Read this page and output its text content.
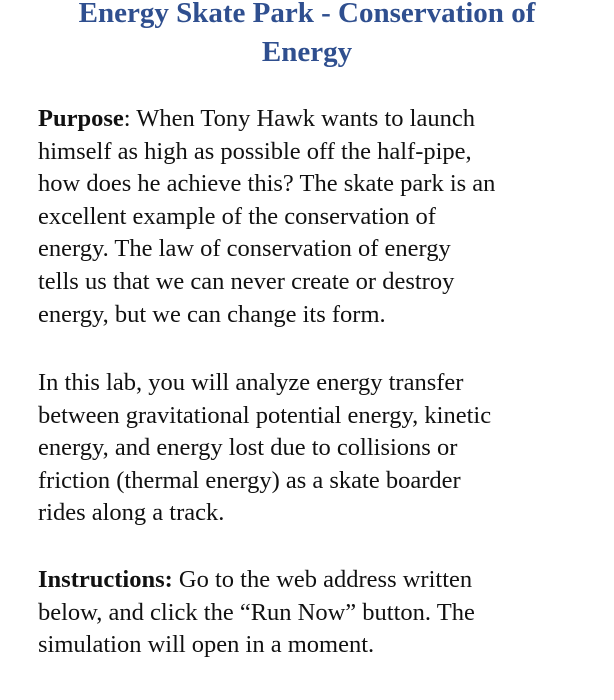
Energy Skate Park - Conservation of
Energy
Purpose: When Tony Hawk wants to launch
himself as high as possible off the half-pipe,
how does he achieve this? The skate park is an
excellent example of the conservation of
energy. The law of conservation of energy
tells us that we can never create or destroy
energy, but we can change its form.
In this lab, you will analyze energy transfer
between gravitational potential energy, kinetic
energy, and energy lost due to collisions or
friction (thermal energy) as a skate boarder
rides along a track.
Instructions: Go to the web address written
below, and click the “Run Now” button. The
simulation will open in a moment.
